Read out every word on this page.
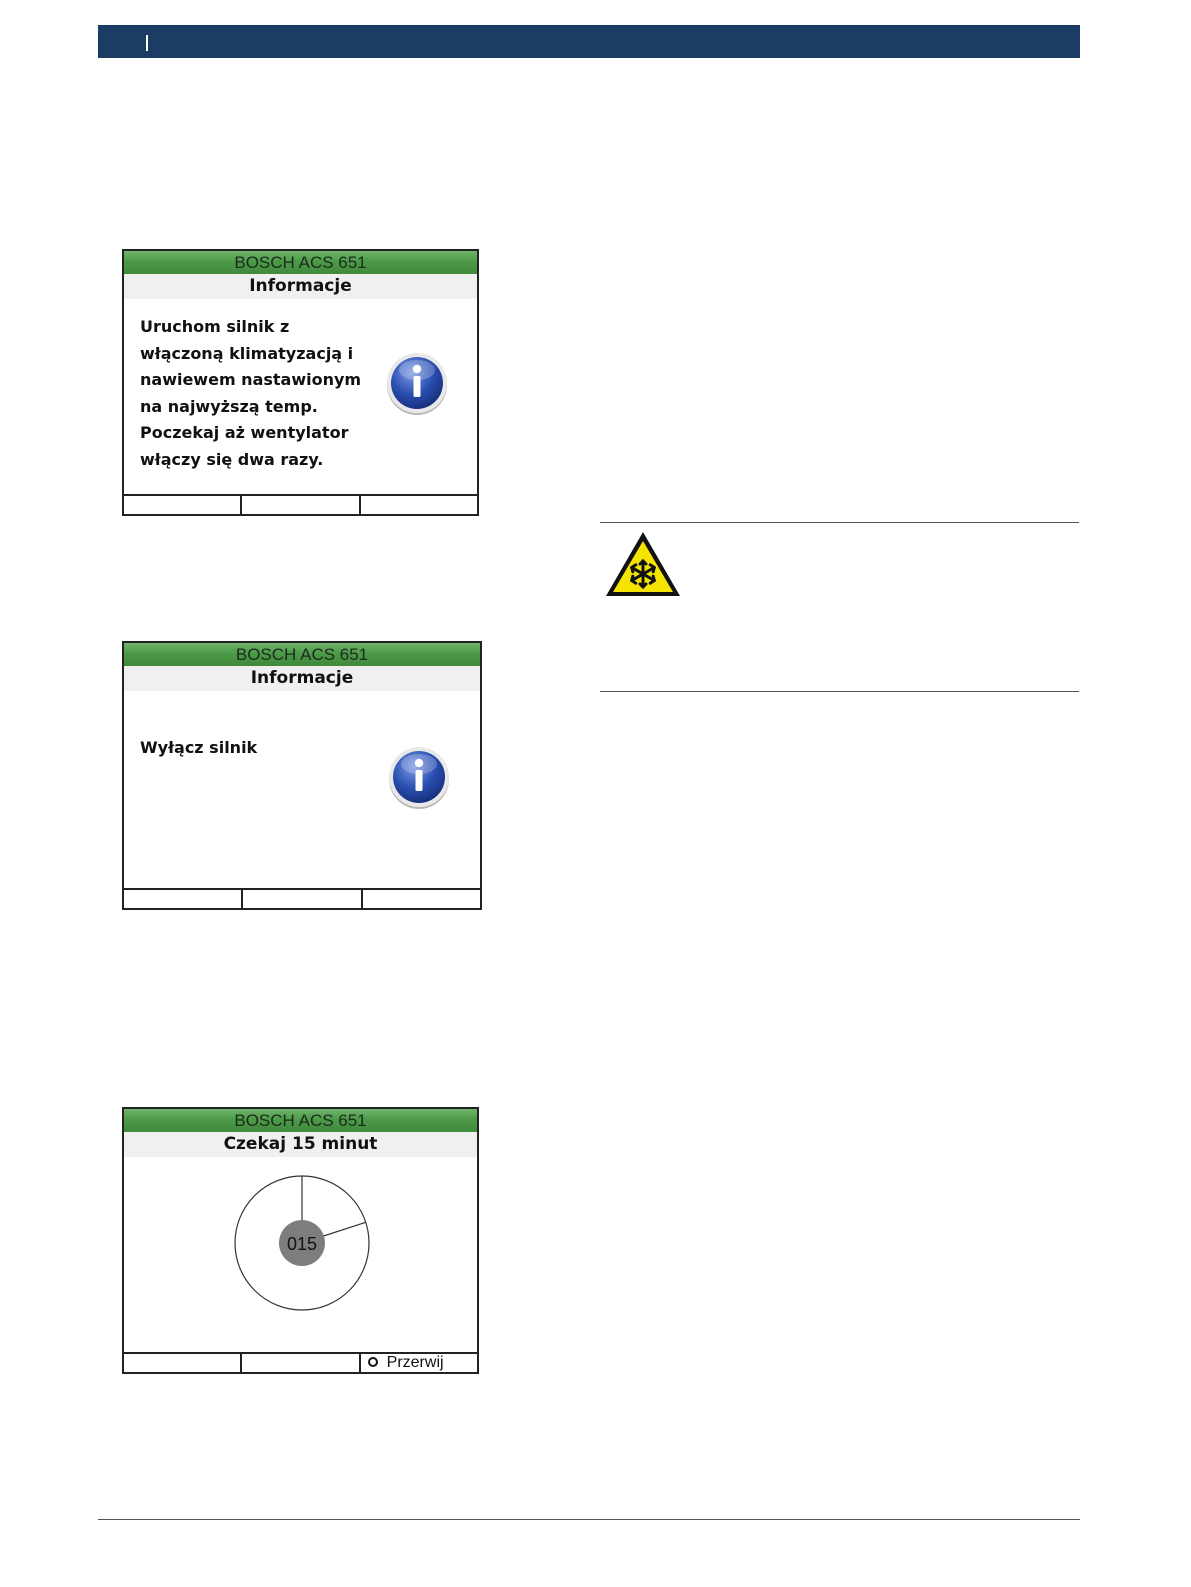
BOSCH ACS 651
Informacje
Uruchom silnik z
włączoną klimatyzacją i
nawiewem nastawionym
na najwyższą temp.
Poczekaj aż wentylator
włączy się dwa razy.
BOSCH ACS 651
Informacje
Wyłącz silnik
BOSCH ACS 651
Czekaj 15 minut
015
Przerwij
